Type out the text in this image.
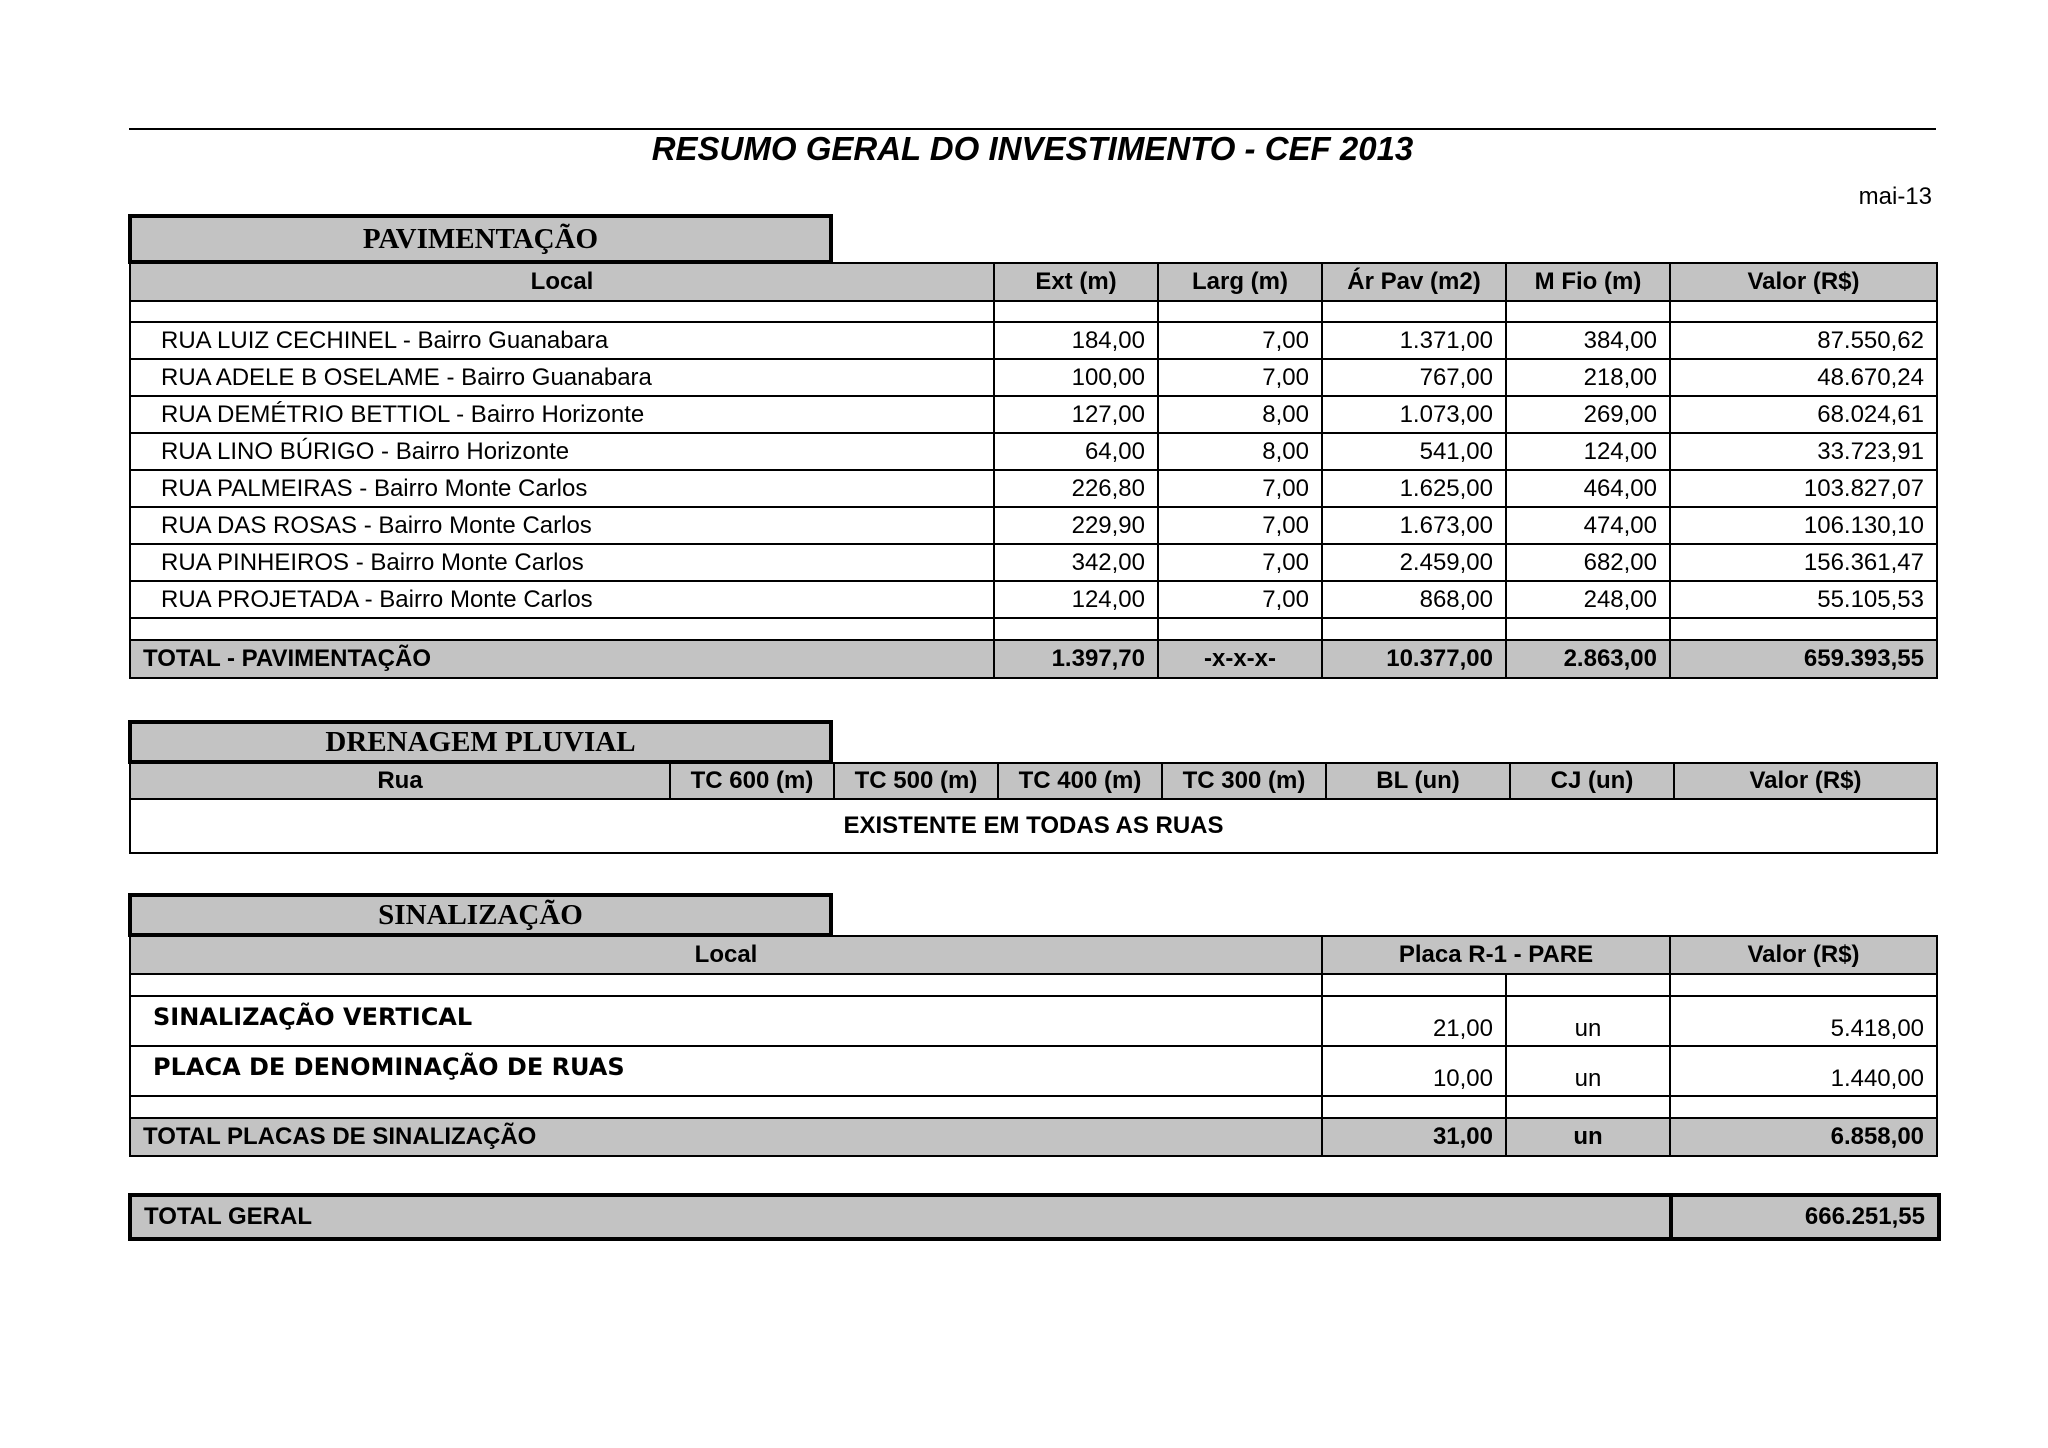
RESUMO GERAL DO INVESTIMENTO - CEF 2013
mai-13
PAVIMENTAÇÃO
Local	Ext (m)	Larg (m)	Ár Pav (m2)	M Fio (m)	Valor (R$)

RUA LUIZ CECHINEL - Bairro Guanabara	184,00	7,00	1.371,00	384,00	87.550,62
RUA ADELE B OSELAME - Bairro Guanabara	100,00	7,00	767,00	218,00	48.670,24
RUA DEMÉTRIO BETTIOL - Bairro Horizonte	127,00	8,00	1.073,00	269,00	68.024,61
RUA LINO BÚRIGO - Bairro Horizonte	64,00	8,00	541,00	124,00	33.723,91
RUA PALMEIRAS - Bairro Monte Carlos	226,80	7,00	1.625,00	464,00	103.827,07
RUA DAS ROSAS - Bairro Monte Carlos	229,90	7,00	1.673,00	474,00	106.130,10
RUA PINHEIROS - Bairro Monte Carlos	342,00	7,00	2.459,00	682,00	156.361,47
RUA PROJETADA - Bairro Monte Carlos	124,00	7,00	868,00	248,00	55.105,53

TOTAL - PAVIMENTAÇÃO	1.397,70	-x-x-x-	10.377,00	2.863,00	659.393,55
DRENAGEM PLUVIAL
Rua	TC 600 (m)	TC 500 (m)	TC 400 (m)	TC 300 (m)	BL (un)	CJ (un)	Valor (R$)
EXISTENTE EM TODAS AS RUAS
SINALIZAÇÃO
Local	Placa R-1 - PARE		Valor (R$)

SINALIZAÇÃO VERTICAL	21,00	un	5.418,00
PLACA DE DENOMINAÇÃO DE RUAS	10,00	un	1.440,00

TOTAL PLACAS DE SINALIZAÇÃO	31,00	un	6.858,00
TOTAL GERAL	666.251,55
